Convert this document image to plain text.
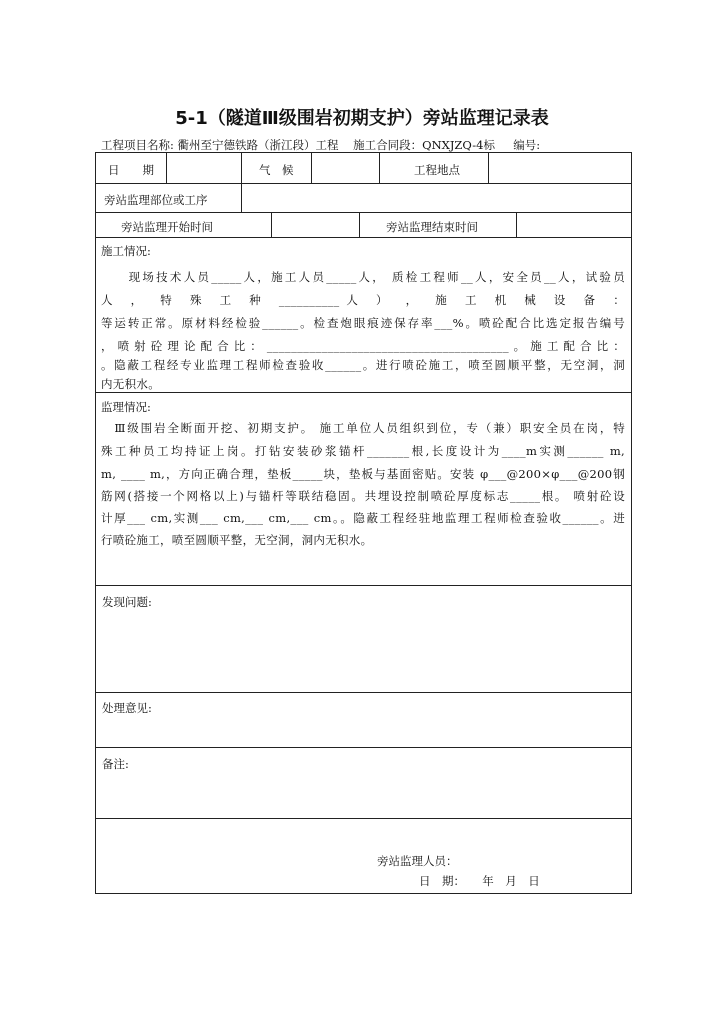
5-1（隧道Ⅲ级围岩初期支护）旁站监理记录表
工程项目名称: 衢州至宁德铁路（浙江段）工程    施工合同段：QNXJZQ-4标     编号:
日　　期	气　候	工程地点
旁站监理部位或工序
旁站监理开始时间	旁站监理结束时间
施工情况:
　　现场技术人员_____人，施工人员_____人， 质检工程师__人，安全员__人，试验员
人 ， 特 殊 工 种 __________人 ） ， 施 工 机 械 设 备 ：
等运转正常。原材料经检验______。检查炮眼痕迹保存率___%。喷砼配合比选定报告编号
，喷射砼理论配合比：________________________________________。施工配合比：
。隐蔽工程经专业监理工程师检查验收______。进行喷砼施工，喷至圆顺平整，无空洞，洞
内无积水。
监理情况:
　Ⅲ级围岩全断面开挖、初期支护。 施工单位人员组织到位，专（兼）职安全员在岗，特
殊工种员工均持证上岗。打钻安装砂浆锚杆_______根,长度设计为____m实测______ m,
m, ____ m,，方向正确合理，垫板_____块，垫板与基面密贴。安装 φ___@200×φ___@200钢
筋网(搭接一个网格以上)与锚杆等联结稳固。共埋设控制喷砼厚度标志_____根。 喷射砼设
计厚___ cm,实测___ cm,___ cm,___ cm。。隐蔽工程经驻地监理工程师检查验收______。进
行喷砼施工，喷至圆顺平整，无空洞，洞内无积水。
发现问题:
处理意见:
备注:
旁站监理人员：
日　期：　　年　月　日
